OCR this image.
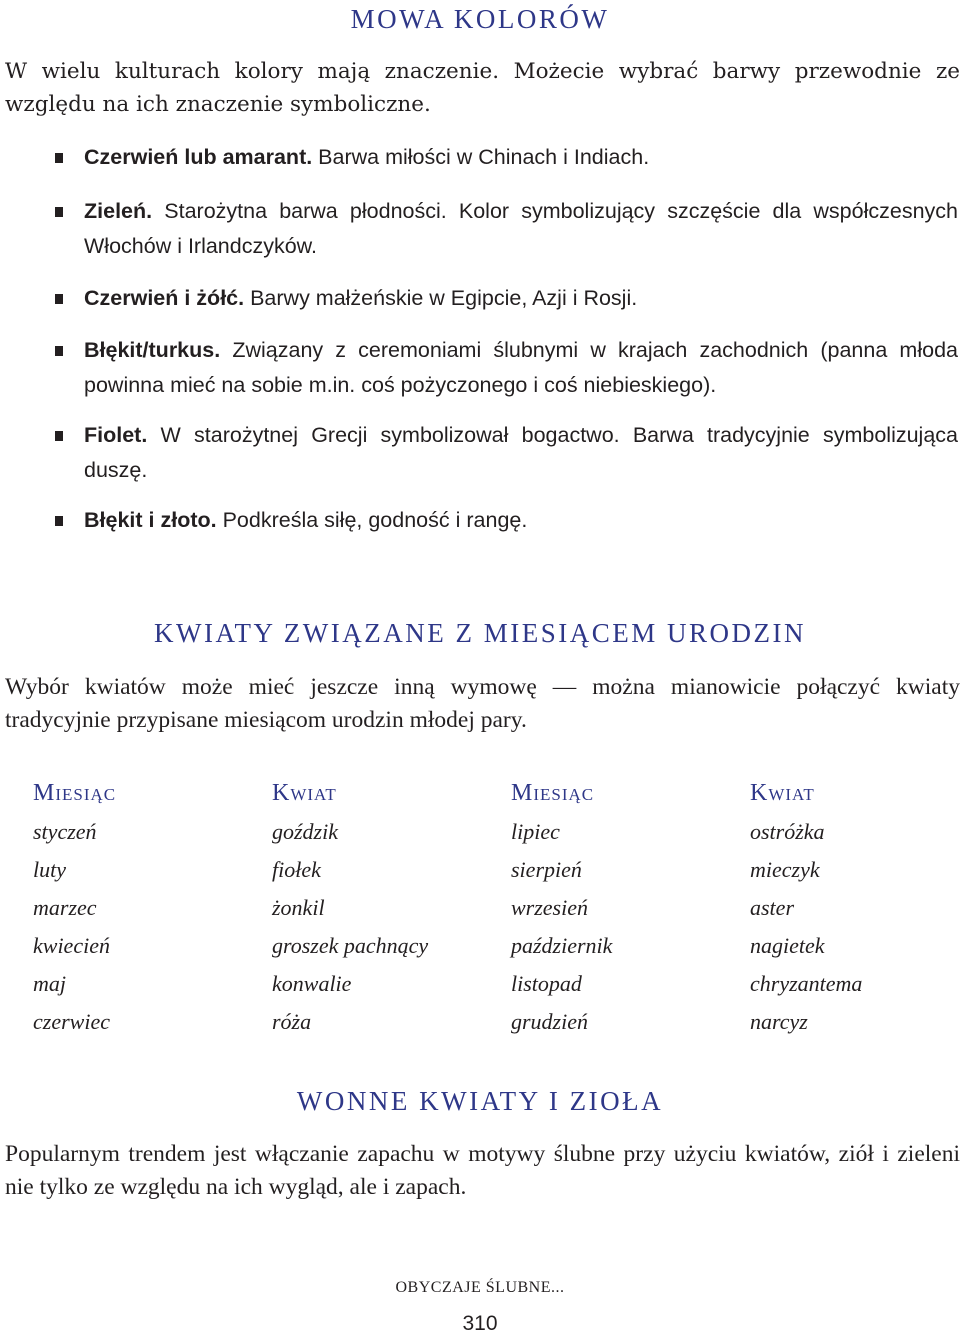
MOWA KOLORÓW

W wielu kulturach kolory mają znaczenie. Możecie wybrać barwy przewodnie ze względu na ich znaczenie symboliczne.

Czerwień lub amarant. Barwa miłości w Chinach i Indiach.
Zieleń. Starożytna barwa płodności. Kolor symbolizujący szczęście dla współczesnych Włochów i Irlandczyków.
Czerwień i żółć. Barwy małżeńskie w Egipcie, Azji i Rosji.
Błękit/turkus. Związany z ceremoniami ślubnymi w krajach zachodnich (panna młoda powinna mieć na sobie m.in. coś pożyczonego i coś niebieskiego).
Fiolet. W starożytnej Grecji symbolizował bogactwo. Barwa tradycyjnie symbolizująca duszę.
Błękit i złoto. Podkreśla siłę, godność i rangę.
KWIATY ZWIĄZANE Z MIESIĄCEM URODZIN

Wybór kwiatów może mieć jeszcze inną wymowę — można mianowicie połączyć kwiaty tradycyjnie przypisane miesiącom urodzin młodej pary.

Miesiąc	Kwiat	Miesiąc	Kwiat
styczeń	goździk	lipiec	ostróżka
luty	fiołek	sierpień	mieczyk
marzec	żonkil	wrzesień	aster
kwiecień	groszek pachnący	październik	nagietek
maj	konwalie	listopad	chryzantema
czerwiec	róża	grudzień	narcyz
WONNE KWIATY I ZIOŁA

Popularnym trendem jest włączanie zapachu w motywy ślubne przy użyciu kwiatów, ziół i zieleni nie tylko ze względu na ich wygląd, ale i zapach.

OBYCZAJE ŚLUBNE...
310
